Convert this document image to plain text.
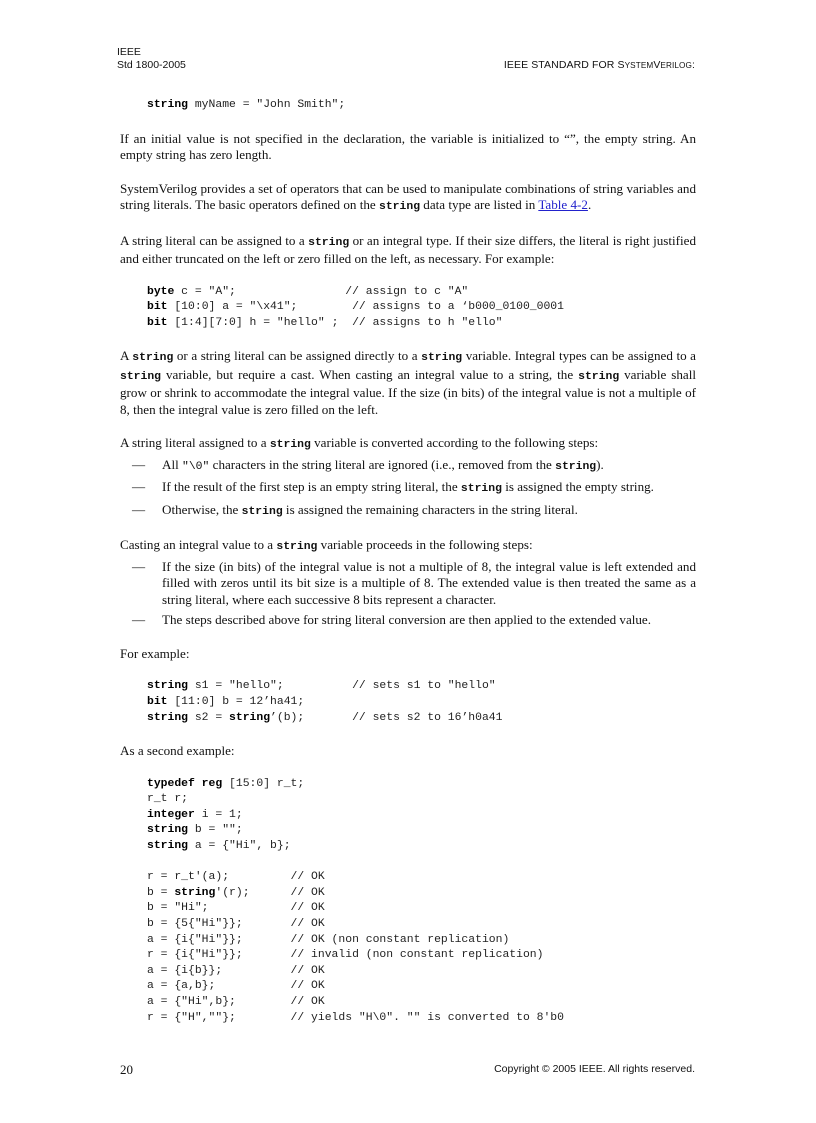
IEEE
Std 1800-2005	IEEE STANDARD FOR SYSTEMVERILOG:
string myName = "John Smith";

If an initial value is not specified in the declaration, the variable is initialized to “”, the empty string. An empty string has zero length.

SystemVerilog provides a set of operators that can be used to manipulate combinations of string variables and string literals. The basic operators defined on the string data type are listed in Table 4-2.

A string literal can be assigned to a string or an integral type. If their size differs, the literal is right justified and either truncated on the left or zero filled on the left, as necessary. For example:

byte c = "A";                // assign to c "A"
bit [10:0] a = "\x41";        // assigns to a ‘b000_0100_0001
bit [1:4][7:0] h = "hello" ;  // assigns to h "ello"

A string or a string literal can be assigned directly to a string variable. Integral types can be assigned to a string variable, but require a cast. When casting an integral value to a string, the string variable shall grow or shrink to accommodate the integral value. If the size (in bits) of the integral value is not a multiple of 8, then the integral value is zero filled on the left.

A string literal assigned to a string variable is converted according to the following steps:

— All "\0" characters in the string literal are ignored (i.e., removed from the string).
— If the result of the first step is an empty string literal, the string is assigned the empty string.
— Otherwise, the string is assigned the remaining characters in the string literal.

Casting an integral value to a string variable proceeds in the following steps:

— If the size (in bits) of the integral value is not a multiple of 8, the integral value is left extended and filled with zeros until its bit size is a multiple of 8. The extended value is then treated the same as a string literal, where each successive 8 bits represent a character.
— The steps described above for string literal conversion are then applied to the extended value.

For example:

string s1 = "hello";          // sets s1 to "hello"
bit [11:0] b = 12’ha41;
string s2 = string’(b);       // sets s2 to 16’h0a41

As a second example:

typedef reg [15:0] r_t;
r_t r;
integer i = 1;
string b = "";
string a = {"Hi", b};

r = r_t'(a);         // OK
b = string'(r);      // OK
b = "Hi";            // OK
b = {5{"Hi"}};       // OK
a = {i{"Hi"}};       // OK (non constant replication)
r = {i{"Hi"}};       // invalid (non constant replication)
a = {i{b}};          // OK
a = {a,b};           // OK
a = {"Hi",b};        // OK
r = {"H",""};        // yields "H\0". "" is converted to 8'b0
20	Copyright © 2005 IEEE. All rights reserved.
